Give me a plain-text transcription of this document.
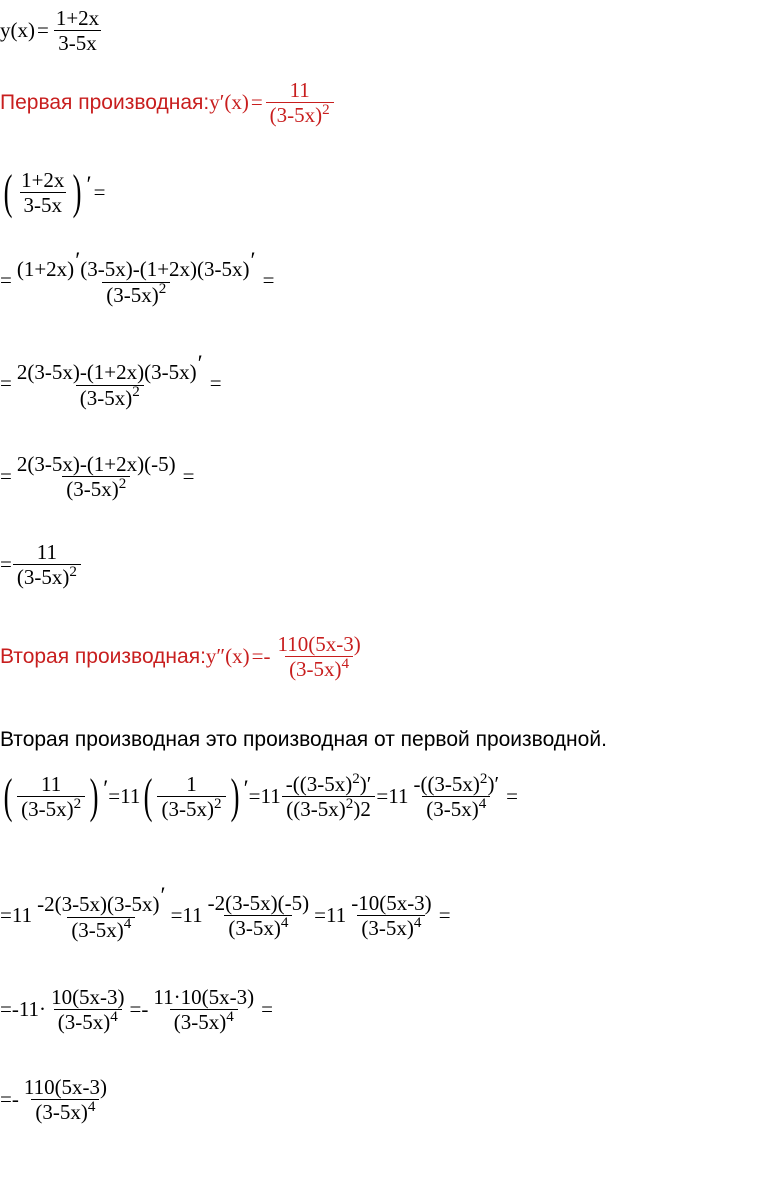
$y(x) = \frac{1+2x}{3-5x}$
Первая производная: $y'(x) = \frac{11}{(3-5x)^2}$
( $\frac{1+2x}{3-5x}$ ) ′ =
= $\frac{(1+2x)'(3-5x)-(1+2x)(3-5x)'}{(3-5x)^2}$ =
= $\frac{2(3-5x)-(1+2x)(3-5x)'}{(3-5x)^2}$ =
= $\frac{2(3-5x)-(1+2x)(-5)}{(3-5x)^2}$ =
= $\frac{11}{(3-5x)^2}$
Вторая производная: $y''(x) =- \frac{110(5x-3)}{(3-5x)^4}$
Вторая производная это производная от первой производной.
( $\frac{11}{(3-5x)^2}$ ) ′ =11 ( $\frac{1}{(3-5x)^2}$ ) ′ $=11 \frac{-((3-5x)^2)'}{((3-5x)^2)2} =11 \frac{-((3-5x)^2)'}{(3-5x)^4}$ =
$=11 \frac{-2(3-5x)(3-5x)'}{(3-5x)^4} =11 \frac{-2(3-5x)(-5)}{(3-5x)^4} =11 \frac{-10(5x-3)}{(3-5x)^4}$ =
$=-11\cdot \frac{10(5x-3)}{(3-5x)^4} =- \frac{11\cdot 10(5x-3)}{(3-5x)^4}$ =
=- $\frac{110(5x-3)}{(3-5x)^4}$
